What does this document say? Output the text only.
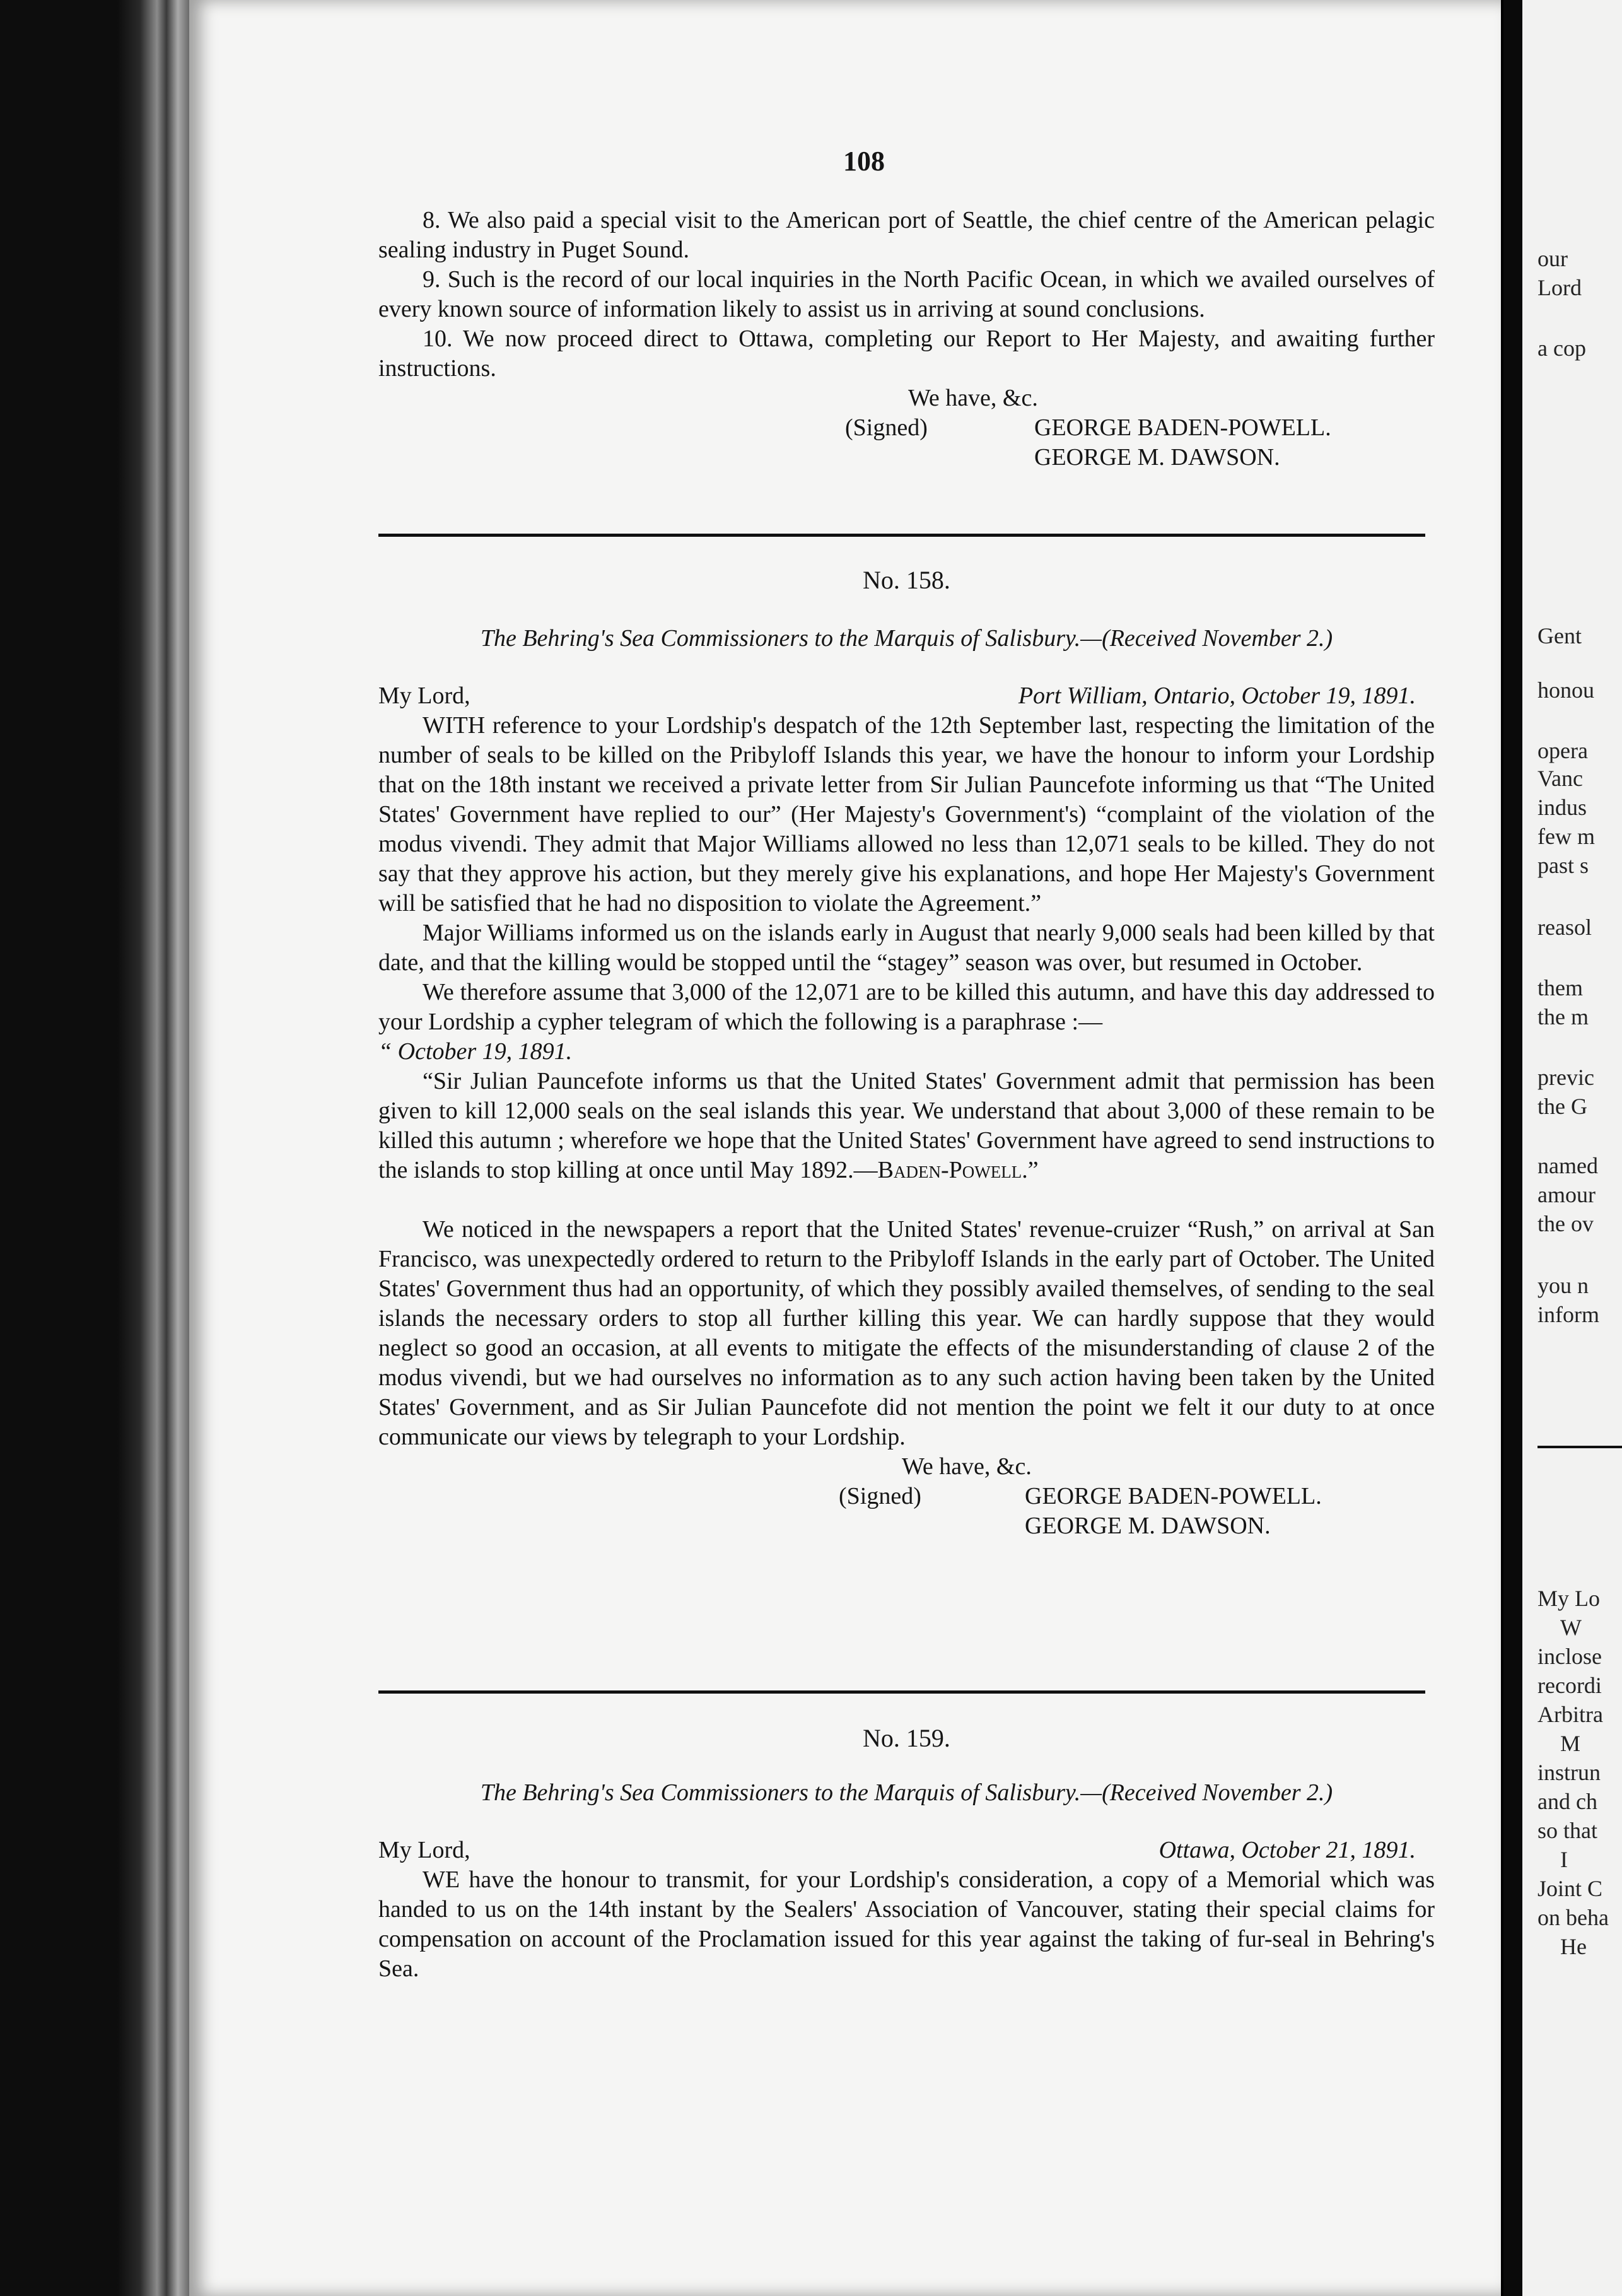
108

8. We also paid a special visit to the American port of Seattle, the chief centre of the American pelagic sealing industry in Puget Sound.

9. Such is the record of our local inquiries in the North Pacific Ocean, in which we availed ourselves of every known source of information likely to assist us in arriving at sound conclusions.

10. We now proceed direct to Ottawa, completing our Report to Her Majesty, and awaiting further instructions.

We have, &c.
(Signed)	GEORGE BADEN-POWELL.
GEORGE M. DAWSON.
No. 158.
The Behring's Sea Commissioners to the Marquis of Salisbury.—(Received November 2.)
My Lord,	Port William, Ontario, October 19, 1891.

WITH reference to your Lordship's despatch of the 12th September last, respecting the limitation of the number of seals to be killed on the Pribyloff Islands this year, we have the honour to inform your Lordship that on the 18th instant we received a private letter from Sir Julian Pauncefote informing us that “The United States' Government have replied to our” (Her Majesty's Government's) “complaint of the violation of the modus vivendi. They admit that Major Williams allowed no less than 12,071 seals to be killed. They do not say that they approve his action, but they merely give his explanations, and hope Her Majesty's Government will be satisfied that he had no disposition to violate the Agreement.”

Major Williams informed us on the islands early in August that nearly 9,000 seals had been killed by that date, and that the killing would be stopped until the “stagey” season was over, but resumed in October.

We therefore assume that 3,000 of the 12,071 are to be killed this autumn, and have this day addressed to your Lordship a cypher telegram of which the following is a paraphrase :—

“ October 19, 1891.

“Sir Julian Pauncefote informs us that the United States' Government admit that permission has been given to kill 12,000 seals on the seal islands this year. We understand that about 3,000 of these remain to be killed this autumn ; wherefore we hope that the United States' Government have agreed to send instructions to the islands to stop killing at once until May 1892.—Baden-Powell.”

We noticed in the newspapers a report that the United States' revenue-cruizer “Rush,” on arrival at San Francisco, was unexpectedly ordered to return to the Pribyloff Islands in the early part of October. The United States' Government thus had an opportunity, of which they possibly availed themselves, of sending to the seal islands the necessary orders to stop all further killing this year. We can hardly suppose that they would neglect so good an occasion, at all events to mitigate the effects of the misunderstanding of clause 2 of the modus vivendi, but we had ourselves no information as to any such action having been taken by the United States' Government, and as Sir Julian Pauncefote did not mention the point we felt it our duty to at once communicate our views by telegraph to your Lordship.

We have, &c.
(Signed)	GEORGE BADEN-POWELL.
GEORGE M. DAWSON.
No. 159.
The Behring's Sea Commissioners to the Marquis of Salisbury.—(Received November 2.)
My Lord,	Ottawa, October 21, 1891.

WE have the honour to transmit, for your Lordship's consideration, a copy of a Memorial which was handed to us on the 14th instant by the Sealers' Association of Vancouver, stating their special claims for compensation on account of the Proclamation issued for this year against the taking of fur-seal in Behring's Sea.

our
Lord
a cop
Gent
honou
opera
Vanc
indus
few m
past s
reasol
them
the m
previc
the G
named
amour
the ov
you n
inform
My Lo
W
inclose
recordi
Arbitra
M
instrun
and ch
so that
I
Joint C
on beha
He
